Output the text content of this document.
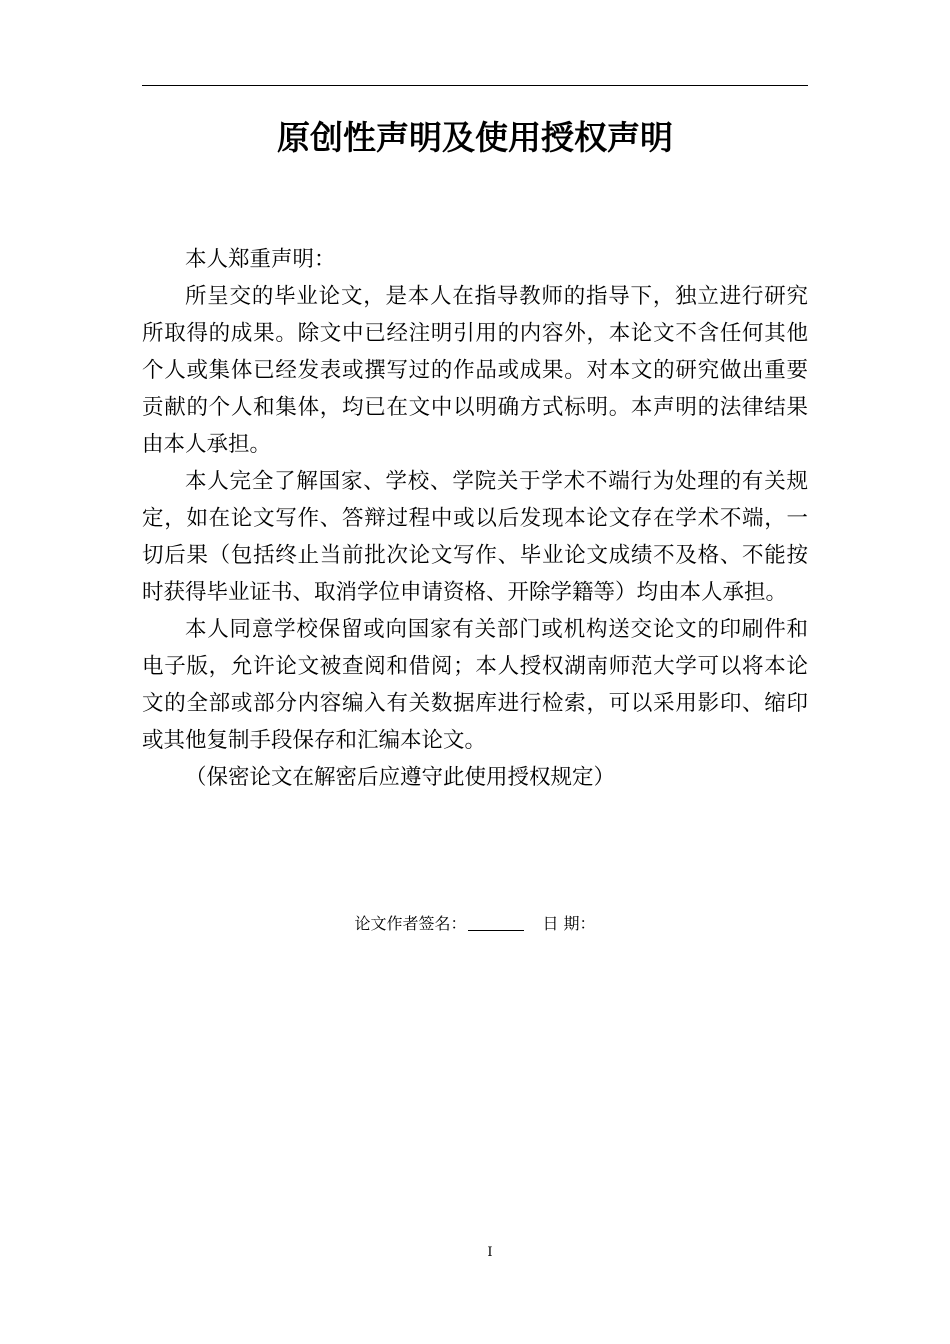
原创性声明及使用授权声明

本人郑重声明：

所呈交的毕业论文，是本人在指导教师的指导下，独立进行研究所取得的成果。除文中已经注明引用的内容外，本论文不含任何其他个人或集体已经发表或撰写过的作品或成果。对本文的研究做出重要贡献的个人和集体，均已在文中以明确方式标明。本声明的法律结果由本人承担。

本人完全了解国家、学校、学院关于学术不端行为处理的有关规定，如在论文写作、答辩过程中或以后发现本论文存在学术不端，一切后果（包括终止当前批次论文写作、毕业论文成绩不及格、不能按时获得毕业证书、取消学位申请资格、开除学籍等）均由本人承担。

本人同意学校保留或向国家有关部门或机构送交论文的印刷件和电子版，允许论文被查阅和借阅；本人授权湖南师范大学可以将本论文的全部或部分内容编入有关数据库进行检索，可以采用影印、缩印或其他复制手段保存和汇编本论文。

（保密论文在解密后应遵守此使用授权规定）

论文作者签名：	日 期：
I
